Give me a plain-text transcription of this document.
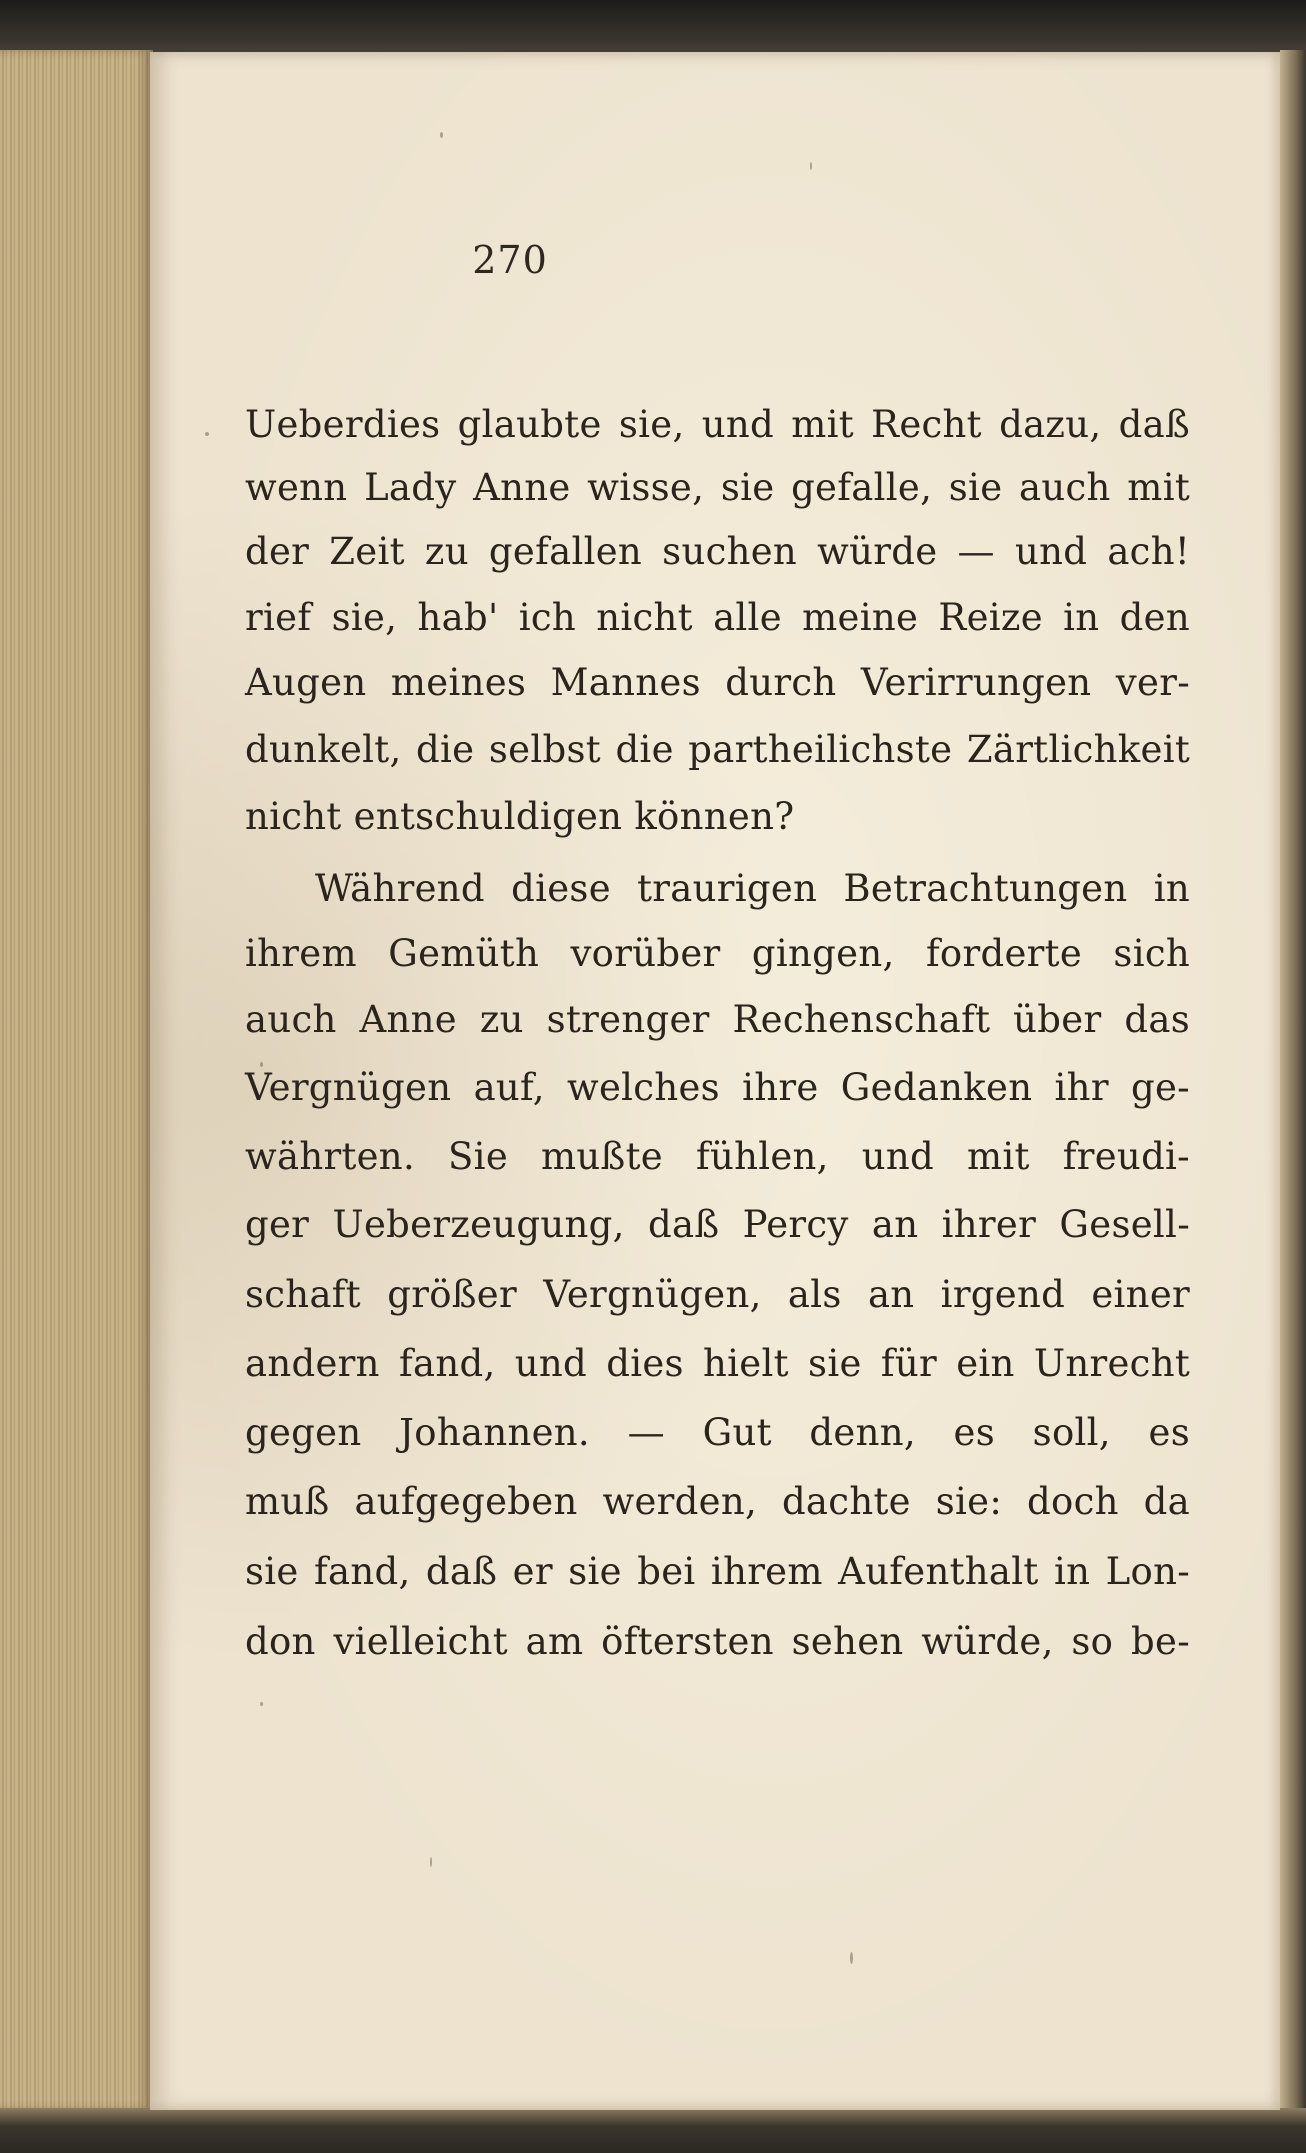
270
Ueberdies glaubte sie, und mit Recht dazu, daß
wenn Lady Anne wisse, sie gefalle, sie auch mit
der Zeit zu gefallen suchen würde — und ach!
rief sie, hab' ich nicht alle meine Reize in den
Augen meines Mannes durch Verirrungen ver-
dunkelt, die selbst die partheilichste Zärtlichkeit
nicht entschuldigen können?
Während diese traurigen Betrachtungen in
ihrem Gemüth vorüber gingen, forderte sich
auch Anne zu strenger Rechenschaft über das
Vergnügen auf, welches ihre Gedanken ihr ge-
währten. Sie mußte fühlen, und mit freudi-
ger Ueberzeugung, daß Percy an ihrer Gesell-
schaft größer Vergnügen, als an irgend einer
andern fand, und dies hielt sie für ein Unrecht
gegen Johannen. — Gut denn, es soll, es
muß aufgegeben werden, dachte sie: doch da
sie fand, daß er sie bei ihrem Aufenthalt in Lon-
don vielleicht am öftersten sehen würde, so be-
